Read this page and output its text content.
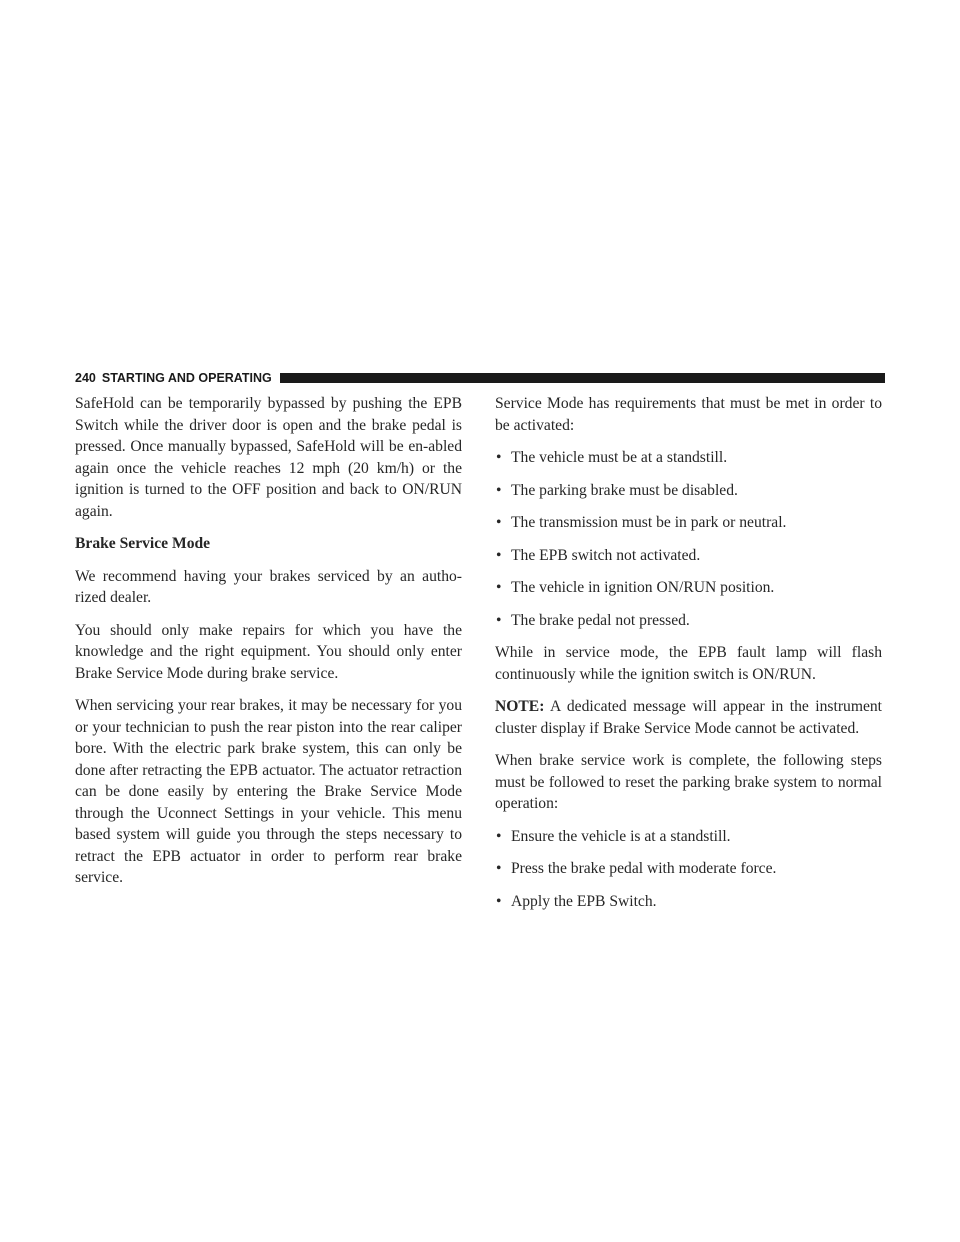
240 STARTING AND OPERATING

SafeHold can be temporarily bypassed by pushing the EPB Switch while the driver door is open and the brake pedal is pressed. Once manually bypassed, SafeHold will be en-abled again once the vehicle reaches 12 mph (20 km/h) or the ignition is turned to the OFF position and back to ON/RUN again.

Brake Service Mode

We recommend having your brakes serviced by an autho-rized dealer.

You should only make repairs for which you have the knowledge and the right equipment. You should only enter Brake Service Mode during brake service.

When servicing your rear brakes, it may be necessary for you or your technician to push the rear piston into the rear caliper bore. With the electric park brake system, this can only be done after retracting the EPB actuator. The actuator retraction can be done easily by entering the Brake Service Mode through the Uconnect Settings in your vehicle. This menu based system will guide you through the steps necessary to retract the EPB actuator in order to perform rear brake service.

Service Mode has requirements that must be met in order to be activated:

• The vehicle must be at a standstill.
• The parking brake must be disabled.
• The transmission must be in park or neutral.
• The EPB switch not activated.
• The vehicle in ignition ON/RUN position.
• The brake pedal not pressed.

While in service mode, the EPB fault lamp will flash continuously while the ignition switch is ON/RUN.

NOTE: A dedicated message will appear in the instrument cluster display if Brake Service Mode cannot be activated.

When brake service work is complete, the following steps must be followed to reset the parking brake system to normal operation:

• Ensure the vehicle is at a standstill.
• Press the brake pedal with moderate force.
• Apply the EPB Switch.
